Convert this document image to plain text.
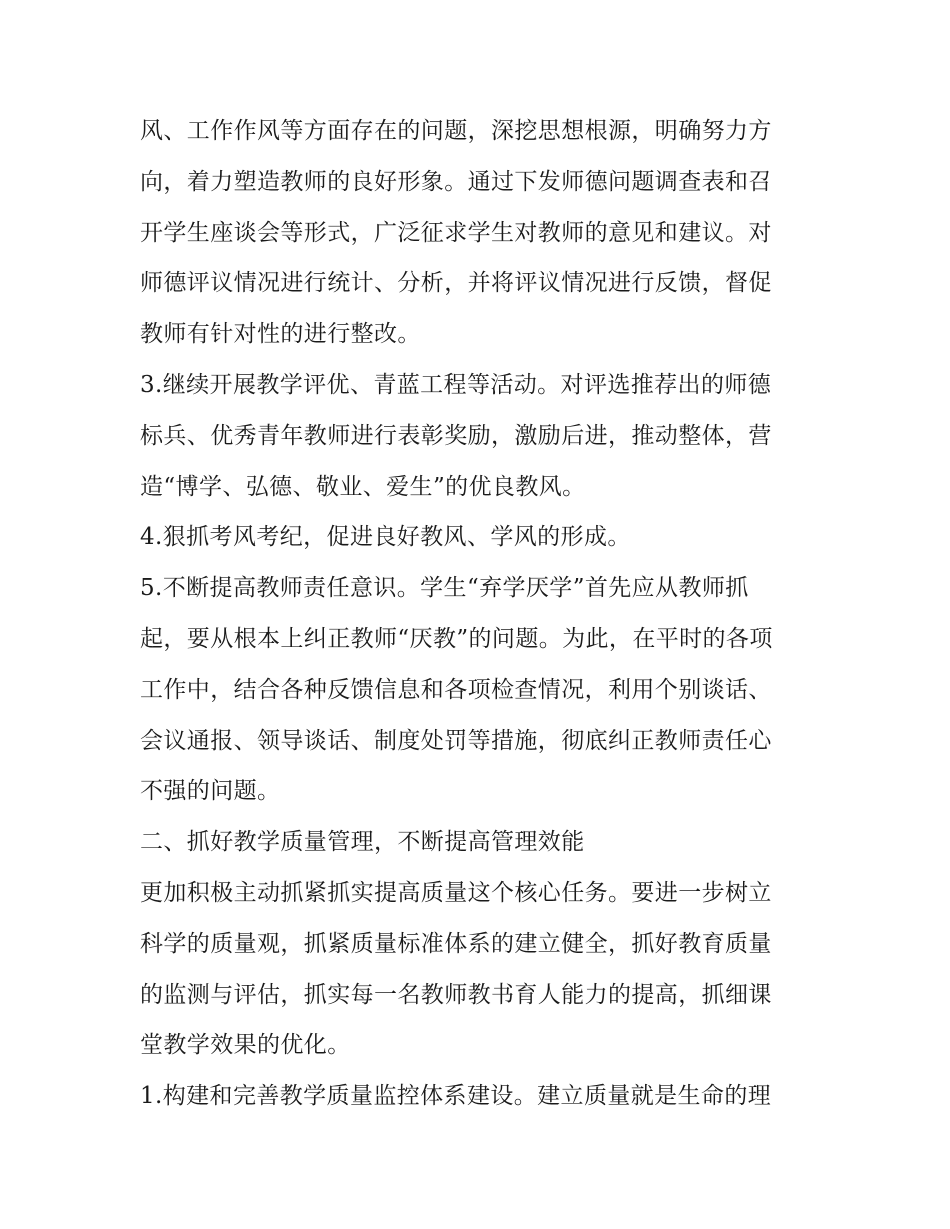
风、工作作风等方面存在的问题，深挖思想根源，明确努力方
向，着力塑造教师的良好形象。通过下发师德问题调查表和召
开学生座谈会等形式，广泛征求学生对教师的意见和建议。对
师德评议情况进行统计、分析，并将评议情况进行反馈，督促
教师有针对性的进行整改。
3.继续开展教学评优、青蓝工程等活动。对评选推荐出的师德
标兵、优秀青年教师进行表彰奖励，激励后进，推动整体，营
造“博学、弘德、敬业、爱生”的优良教风。
4.狠抓考风考纪，促进良好教风、学风的形成。
5.不断提高教师责任意识。学生“弃学厌学”首先应从教师抓
起，要从根本上纠正教师“厌教”的问题。为此，在平时的各项
工作中，结合各种反馈信息和各项检查情况，利用个别谈话、
会议通报、领导谈话、制度处罚等措施，彻底纠正教师责任心
不强的问题。
二、抓好教学质量管理，不断提高管理效能
更加积极主动抓紧抓实提高质量这个核心任务。要进一步树立
科学的质量观，抓紧质量标准体系的建立健全，抓好教育质量
的监测与评估，抓实每一名教师教书育人能力的提高，抓细课
堂教学效果的优化。
1.构建和完善教学质量监控体系建设。建立质量就是生命的理
